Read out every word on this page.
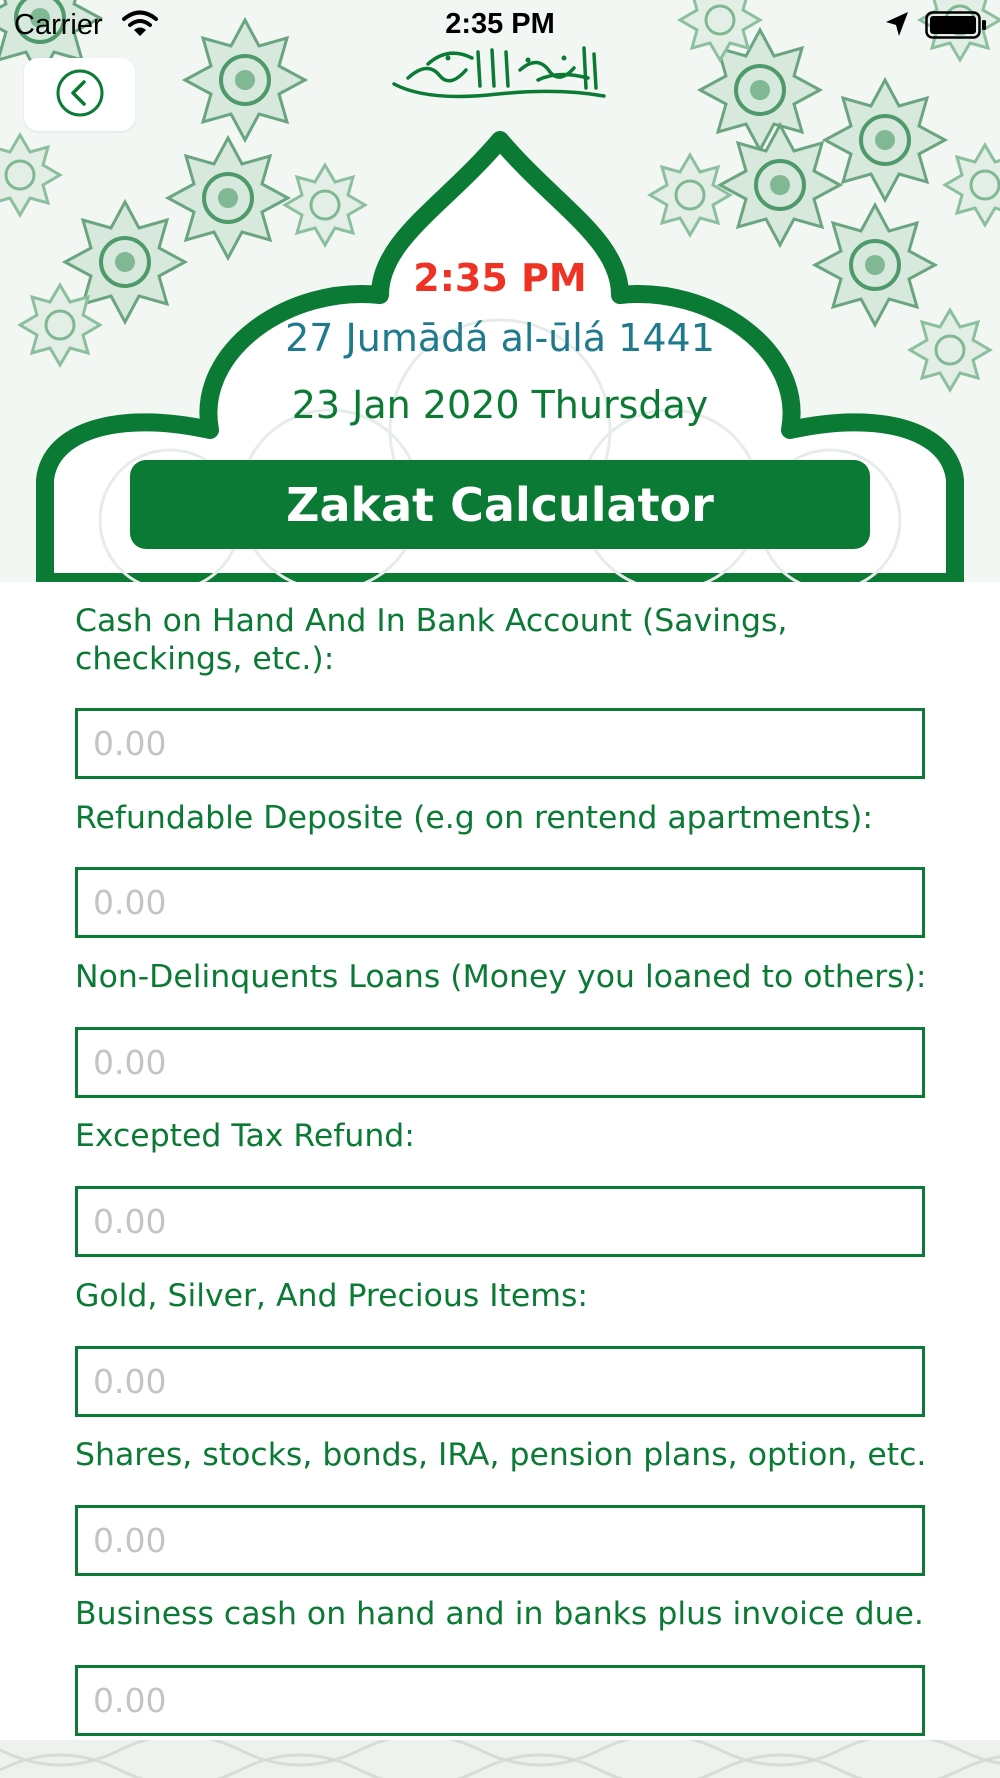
Carrier	2:35 PM
2:35 PM
27 Jumādá al-ūlá 1441
23 Jan 2020 Thursday
Zakat Calculator
Cash on Hand And In Bank Account (Savings, checkings, etc.):
0.00
Refundable Deposite (e.g on rentend apartments):
0.00
Non-Delinquents Loans (Money you loaned to others):
0.00
Excepted Tax Refund:
0.00
Gold, Silver, And Precious Items:
0.00
Shares, stocks, bonds, IRA, pension plans, option, etc.
0.00
Business cash on hand and in banks plus invoice due.
0.00
